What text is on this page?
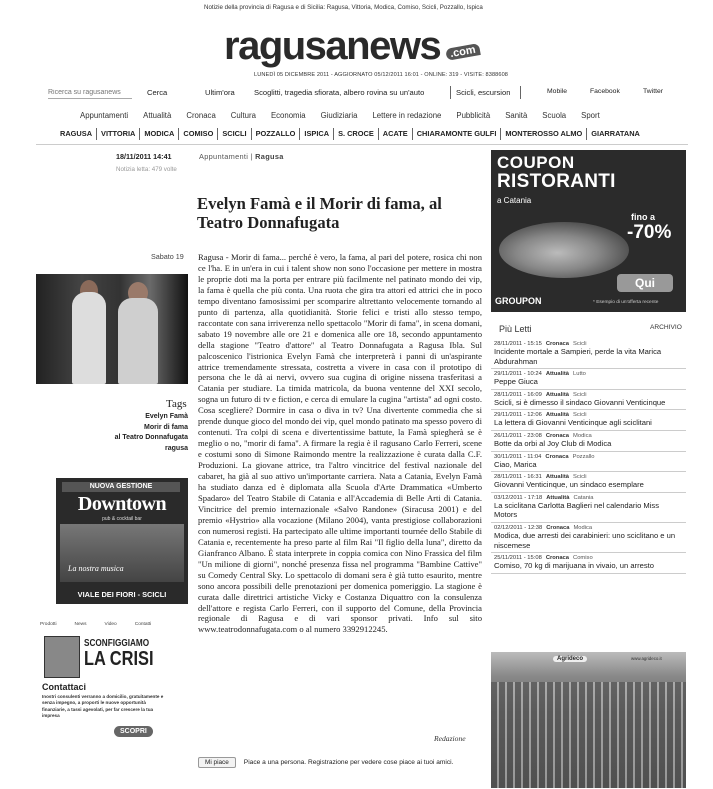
Notizie della provincia di Ragusa e di Sicilia: Ragusa, Vittoria, Modica, Comiso, Scicli, Pozzallo, Ispica
ragusanews .com
LUNEDÌ 05 DICEMBRE 2011 - AGGIORNATO 05/12/2011 16:01 - ONLINE: 319 - VISITE: 8388608
Ricerca su ragusanews
Cerca	Ultim'ora	Scoglitti, tragedia sfiorata, albero rovina su un'auto	Scicli, escursion	Mobile	Facebook	Twitter
Appuntamenti Attualità Cronaca Cultura Economia Giudiziaria Lettere in redazione Pubblicità Sanità Scuola Sport
RAGUSA	VITTORIA	MODICA	COMISO	SCICLI	POZZALLO	ISPICA	S. CROCE	ACATE	CHIARAMONTE GULFI	MONTEROSSO ALMO	GIARRATANA
18/11/2011 14:41
Notizia letta: 479 volte
Sabato 19
Tags
Evelyn Famà
Morir di fama
al Teatro Donnafugata
ragusa
NUOVA GESTIONE
Downtown
pub & cocktail bar
La nostra musica
VIALE DEI FIORI - SCICLI
Prodotti	News	Video	Contatti
SCONFIGGIAMO
LA CRISI
Contattaci
Inostri consulenti verranno a domicilio, gratuitamente e senza impegno, a proporti le nuove opportunità finanziarie, a tassi agevolati, per far crescere la tua impresa
SCOPRI
Appuntamenti | Ragusa
Evelyn Famà e il Morir di fama, al Teatro Donnafugata
Ragusa - Morir di fama... perché è vero, la fama, al pari del potere, rosica chi non ce l'ha. E in un'era in cui i talent show non sono l'occasione per mettere in mostra le proprie doti ma la porta per entrare più facilmente nel patinato mondo dei vip, la fama è quella che più conta. Una ruota che gira tra attori ed attrici che in poco tempo diventano famosissimi per scomparire altrettanto velocemente tornando al punto di partenza, alla quotidianità. Storie felici e tristi allo stesso tempo, raccontate con sana irriverenza nello spettacolo "Morir di fama", in scena domani, sabato 19 novembre alle ore 21 e domenica alle ore 18, secondo appuntamento della stagione "Teatro d'attore" al Teatro Donnafugata a Ragusa Ibla. Sul palcoscenico l'istrionica Evelyn Famà che interpreterà i panni di un'aspirante attrice tremendamente stressata, costretta a vivere in casa con il prototipo di persona che le dà ai nervi, ovvero sua cugina di origine nissena trasferitasi a Catania per studiare. La timida matricola, da buona ventenne del XXI secolo, sogna un futuro di tv e fiction, e cerca di emulare la cugina "artista" ad ogni costo. Cosa scegliere? Dormire in casa o diva in tv? Una divertente commedia che si prende dunque gioco del mondo dei vip, quel mondo patinato ma spesso povero di contenuti. Tra colpi di scena e divertentissime battute, la Famà spiegherà se è meglio o no, "morir di fama". A firmare la regia è il ragusano Carlo Ferreri, scene e costumi sono di Simone Raimondo mentre la realizzazione è curata dalla C.F. Produzioni. La giovane attrice, tra l'altro vincitrice del festival nazionale del cabaret, ha già al suo attivo un'importante carriera. Nata a Catania, Evelyn Famà ha studiato danza ed è diplomata alla Scuola d'Arte Drammatica «Umberto Spadaro» del Teatro Stabile di Catania e all'Accademia di Belle Arti di Catania. Vincitrice del premio internazionale «Salvo Randone» (Siracusa 2001) e del premio «Hystrio» alla vocazione (Milano 2004), vanta prestigiose collaborazioni con numerosi registi. Ha partecipato alle ultime importanti tournée dello Stabile di Catania e, recentemente ha preso parte al film Rai "Il figlio della luna", diretto da Gianfranco Albano. È stata interprete in coppia comica con Nino Frassica del film "Un milione di giorni", nonché presenza fissa nel programma "Bambine Cattive" su Comedy Central Sky. Lo spettacolo di domani sera è già tutto esaurito, mentre sono ancora possibili delle prenotazioni per domenica pomeriggio. La stagione è curata dalle direttrici artistiche Vicky e Costanza Diquattro con la consulenza dell'attore e regista Carlo Ferreri, con il supporto del Comune, della Provincia regionale di Ragusa e di vari sponsor privati. Info sul sito www.teatrodonnafugata.com o al numero 3392912245.
Redazione
Mi piace	Piace a una persona. Registrazione per vedere cose piace ai tuoi amici.
COUPON
RISTORANTI
a Catania
fino a
-70%
Qui
GROUPON	* Esempio di un'offerta recente
Più Letti	ARCHIVIO
28/11/2011 - 15:15 Cronaca Scicli
Incidente mortale a Sampieri, perde la vita Marica Abdurahman
29/11/2011 - 10:24 Attualità Lutto
Peppe Giuca
28/11/2011 - 16:09 Attualità Scicli
Scicli, si è dimesso il sindaco Giovanni Venticinque
29/11/2011 - 12:06 Attualità Scicli
La lettera di Giovanni Venticinque agli sciclitani
26/11/2011 - 23:08 Cronaca Modica
Botte da orbi al Joy Club di Modica
30/11/2011 - 11:04 Cronaca Pozzallo
Ciao, Marica
28/11/2011 - 16:31 Attualità Scicli
Giovanni Venticinque, un sindaco esemplare
03/12/2011 - 17:18 Attualità Catania
La sciclitana Carlotta Baglieri nel calendario Miss Motors
02/12/2011 - 12:38 Cronaca Modica
Modica, due arresti dei carabinieri: uno sciclitano e un niscemese
25/11/2011 - 15:08 Cronaca Comiso
Comiso, 70 kg di marijuana in vivaio, un arresto
Agrideco	www.agrideco.it
